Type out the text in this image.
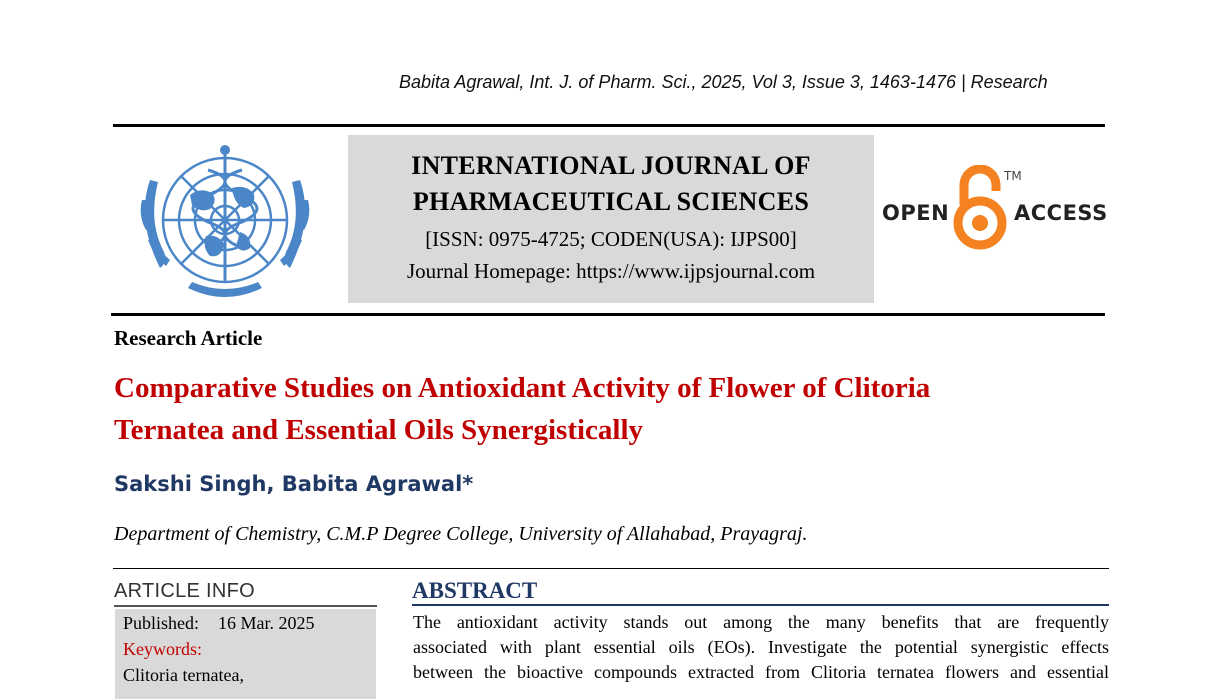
Babita Agrawal, Int. J. of Pharm. Sci., 2025, Vol 3, Issue 3, 1463-1476 | Research
INTERNATIONAL JOURNAL OF
PHARMACEUTICAL SCIENCES
[ISSN: 0975-4725; CODEN(USA): IJPS00]
Journal Homepage: https://www.ijpsjournal.com
OPEN
TM
ACCESS
Research Article
Comparative Studies on Antioxidant Activity of Flower of Clitoria
Ternatea and Essential Oils Synergistically
Sakshi Singh, Babita Agrawal*
Department of Chemistry, C.M.P Degree College, University of Allahabad, Prayagraj.
ARTICLE INFO
Published: 16 Mar. 2025
Keywords:
Clitoria ternatea,
ABSTRACT
The antioxidant activity stands out among the many benefits that are frequently
associated with plant essential oils (EOs). Investigate the potential synergistic effects
between the bioactive compounds extracted from Clitoria ternatea flowers and essential
